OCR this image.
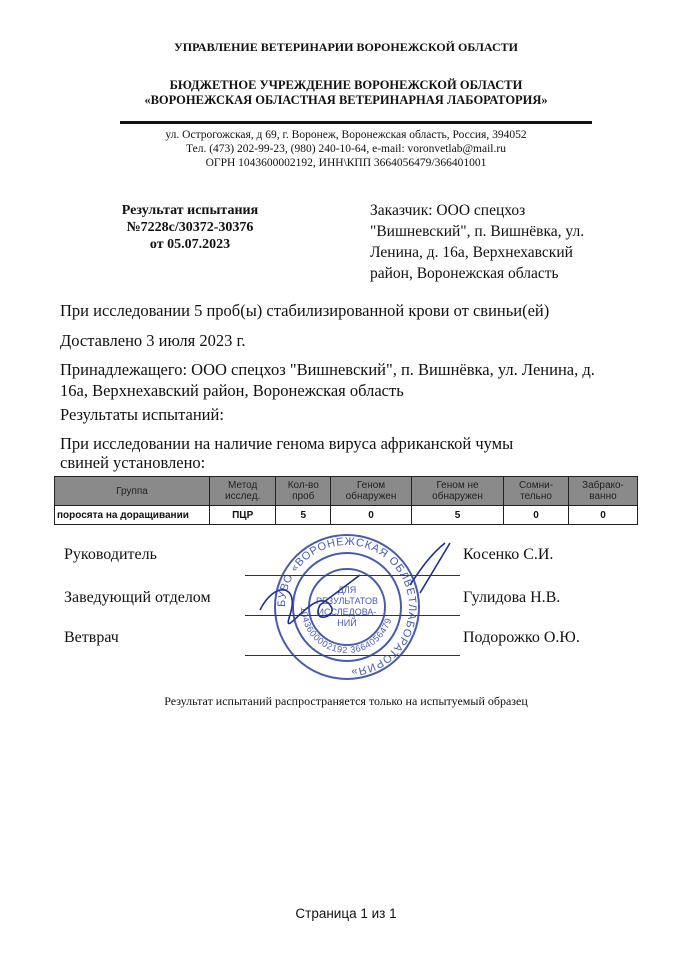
УПРАВЛЕНИЕ ВЕТЕРИНАРИИ ВОРОНЕЖСКОЙ ОБЛАСТИ
БЮДЖЕТНОЕ УЧРЕЖДЕНИЕ ВОРОНЕЖСКОЙ ОБЛАСТИ
«ВОРОНЕЖСКАЯ ОБЛАСТНАЯ ВЕТЕРИНАРНАЯ ЛАБОРАТОРИЯ»
ул. Острогожская, д 69, г. Воронеж, Воронежская область, Россия, 394052
Тел. (473) 202-99-23, (980) 240-10-64, e-mail: voronvetlab@mail.ru
ОГРН 1043600002192, ИНН\КПП 3664056479/366401001
Результат испытания
№7228с/30372-30376
от 05.07.2023
Заказчик: ООО спецхоз
"Вишневский", п. Вишнёвка, ул.
Ленина, д. 16а, Верхнехавский
район, Воронежская область
При исследовании 5 проб(ы) стабилизированной крови от свиньи(ей)
Доставлено 3 июля 2023 г.
Принадлежащего: ООО спецхоз "Вишневский", п. Вишнёвка, ул. Ленина, д. 16а, Верхнехавский район, Воронежская область
Результаты испытаний:
При исследовании на наличие генома вируса африканской чумы свиней установлено:
Группа	Метод исслед.	Кол-во проб	Геном обнаружен	Геном не обнаружен	Сомни-тельно	Забрако-ванно
поросята на доращивании	ПЦР	5	0	5	0	0
Руководитель	Косенко С.И.
Заведующий отделом	Гулидова Н.В.
Ветврач	Подорожко О.Ю.
БУВО «ВОРОНЕЖСКАЯ ОБЛВЕТЛАБОРАТОРИЯ»
1043600002192 3664056479
ДЛЯ
РЕЗУЛЬТАТОВ
ИССЛЕДОВА-
НИЙ
Результат испытаний распространяется только на испытуемый образец
Страница 1 из 1
